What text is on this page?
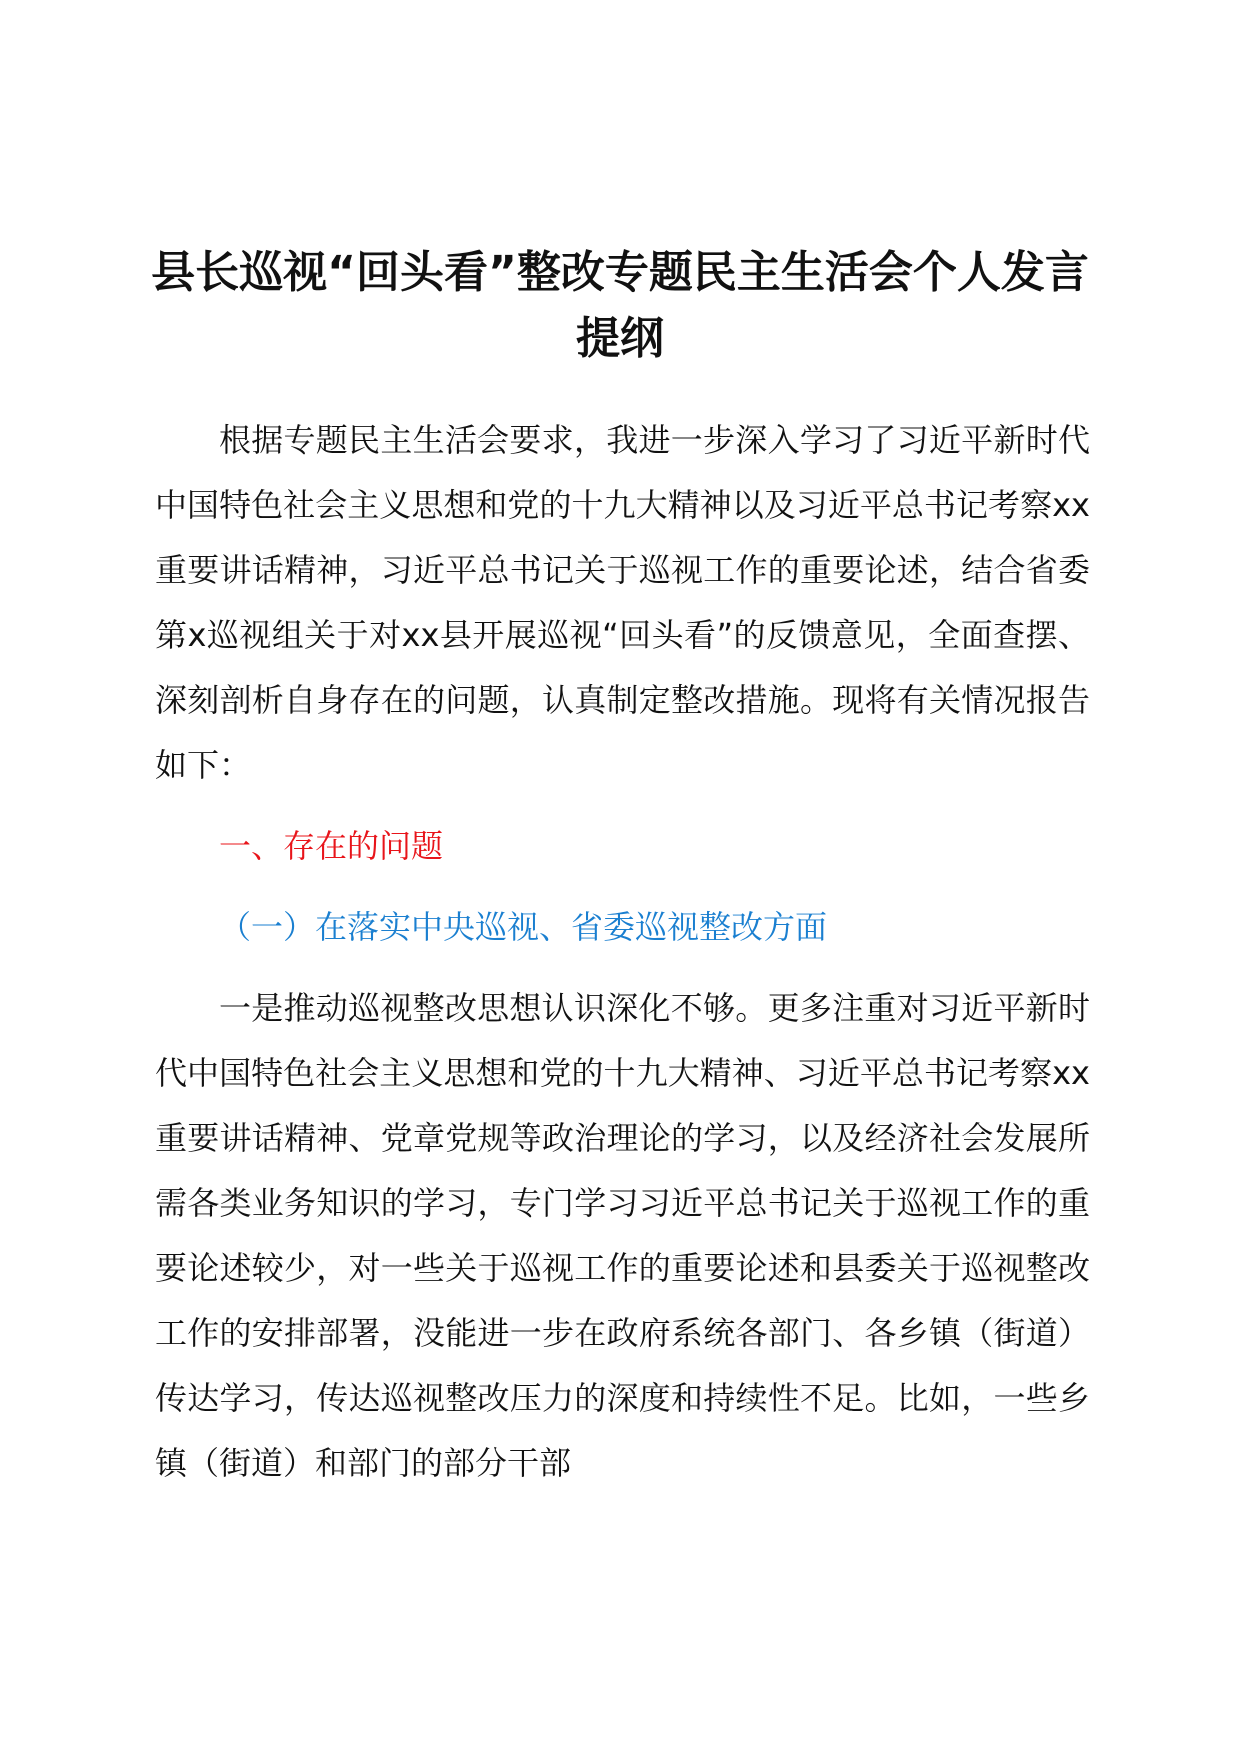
县长巡视“回头看”整改专题民主生活会个人发言提纲

根据专题民主生活会要求，我进一步深入学习了习近平新时代中国特色社会主义思想和党的十九大精神以及习近平总书记考察xx重要讲话精神，习近平总书记关于巡视工作的重要论述，结合省委第x巡视组关于对xx县开展巡视“回头看”的反馈意见，全面查摆、深刻剖析自身存在的问题，认真制定整改措施。现将有关情况报告如下：

一、存在的问题

（一）在落实中央巡视、省委巡视整改方面

一是推动巡视整改思想认识深化不够。更多注重对习近平新时代中国特色社会主义思想和党的十九大精神、习近平总书记考察xx重要讲话精神、党章党规等政治理论的学习，以及经济社会发展所需各类业务知识的学习，专门学习习近平总书记关于巡视工作的重要论述较少，对一些关于巡视工作的重要论述和县委关于巡视整改工作的安排部署，没能进一步在政府系统各部门、各乡镇（街道）传达学习，传达巡视整改压力的深度和持续性不足。比如，一些乡镇（街道）和部门的部分干部
